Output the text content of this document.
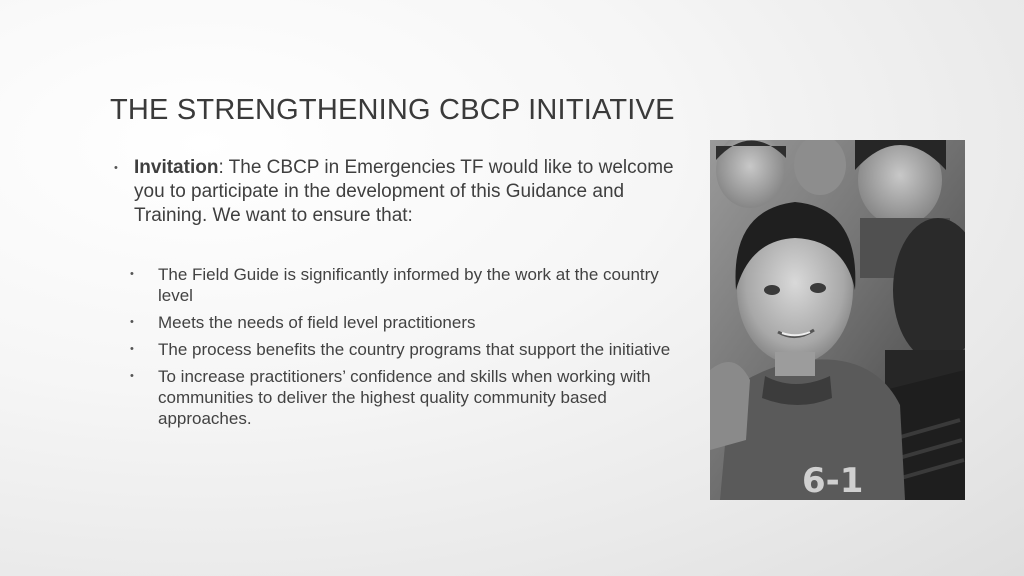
THE STRENGTHENING CBCP INITIATIVE
• Invitation: The CBCP in Emergencies TF would like to welcome you to participate in the development of this Guidance and Training. We want to ensure that:
• The Field Guide is significantly informed by the work at the country level
• Meets the needs of field level practitioners
• The process benefits the country programs that support the initiative
• To increase practitioners’ confidence and skills when working with communities to deliver the highest quality community based approaches.
6-1
